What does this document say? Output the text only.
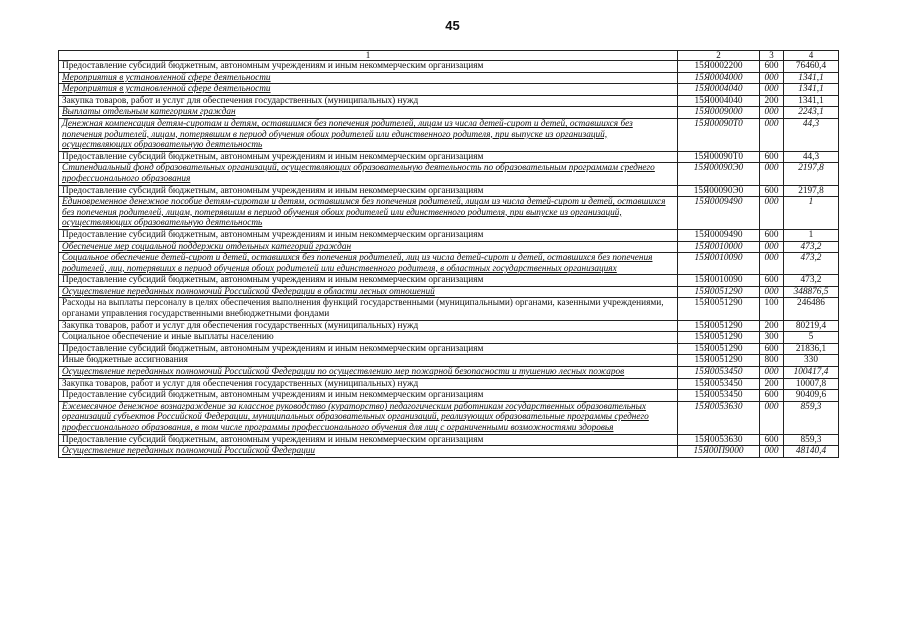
45
1	2	3	4
Предоставление субсидий бюджетным, автономным учреждениям и иным некоммерческим организациям	15Я0002200	600	76460,4
Мероприятия в установленной сфере деятельности	15Я0004000	000	1341,1
Мероприятия в установленной сфере деятельности	15Я0004040	000	1341,1
Закупка товаров, работ и услуг для обеспечения государственных (муниципальных) нужд	15Я0004040	200	1341,1
Выплаты отдельным категориям граждан	15Я0009000	000	2243,1
Денежная компенсация детям-сиротам и детям, оставшимся без попечения родителей, лицам из числа детей-сирот и детей, оставшихся без попечения родителей, лицам, потерявшим в период обучения обоих родителей или единственного родителя, при выпуске из организаций, осуществляющих образовательную деятельность	15Я00090Т0	000	44,3
Предоставление субсидий бюджетным, автономным учреждениям и иным некоммерческим организациям	15Я00090Т0	600	44,3
Стипендиальный фонд образовательных организаций, осуществляющих образовательную деятельность по образовательным программам среднего профессионального образования	15Я00090Э0	000	2197,8
Предоставление субсидий бюджетным, автономным учреждениям и иным некоммерческим организациям	15Я00090Э0	600	2197,8
Единовременное денежное пособие детям-сиротам и детям, оставшимся без попечения родителей, лицам из числа детей-сирот и детей, оставшихся без попечения родителей, лицам, потерявшим в период обучения обоих родителей или единственного родителя, при выпуске из организаций, осуществляющих образовательную деятельность	15Я0009490	000	1
Предоставление субсидий бюджетным, автономным учреждениям и иным некоммерческим организациям	15Я0009490	600	1
Обеспечение мер социальной поддержки отдельных категорий граждан	15Я0010000	000	473,2
Социальное обеспечение детей-сирот и детей, оставшихся без попечения родителей, лиц из числа детей-сирот и детей, оставшихся без попечения родителей, лиц, потерявших в период обучения обоих родителей или единственного родителя, в областных государственных организациях	15Я0010090	000	473,2
Предоставление субсидий бюджетным, автономным учреждениям и иным некоммерческим организациям	15Я0010090	600	473,2
Осуществление переданных полномочий Российской Федерации в области лесных отношений	15Я0051290	000	348876,5
Расходы на выплаты персоналу в целях обеспечения выполнения функций государственными (муниципальными) органами, казенными учреждениями, органами управления государственными внебюджетными фондами	15Я0051290	100	246486
Закупка товаров, работ и услуг для обеспечения государственных (муниципальных) нужд	15Я0051290	200	80219,4
Социальное обеспечение и иные выплаты населению	15Я0051290	300	5
Предоставление субсидий бюджетным, автономным учреждениям и иным некоммерческим организациям	15Я0051290	600	21836,1
Иные бюджетные ассигнования	15Я0051290	800	330
Осуществление переданных полномочий Российской Федерации по осуществлению мер пожарной безопасности и тушению лесных пожаров	15Я0053450	000	100417,4
Закупка товаров, работ и услуг для обеспечения государственных (муниципальных) нужд	15Я0053450	200	10007,8
Предоставление субсидий бюджетным, автономным учреждениям и иным некоммерческим организациям	15Я0053450	600	90409,6
Ежемесячное денежное вознаграждение за классное руководство (кураторство) педагогическим работникам государственных образовательных организаций субъектов Российской Федерации, муниципальных образовательных организаций, реализующих образовательные программы среднего профессионального образования, в том числе программы профессионального обучения для лиц с ограниченными возможностями здоровья	15Я0053630	000	859,3
Предоставление субсидий бюджетным, автономным учреждениям и иным некоммерческим организациям	15Я0053630	600	859,3
Осуществление переданных полномочий Российской Федерации	15Я00П9000	000	48140,4
